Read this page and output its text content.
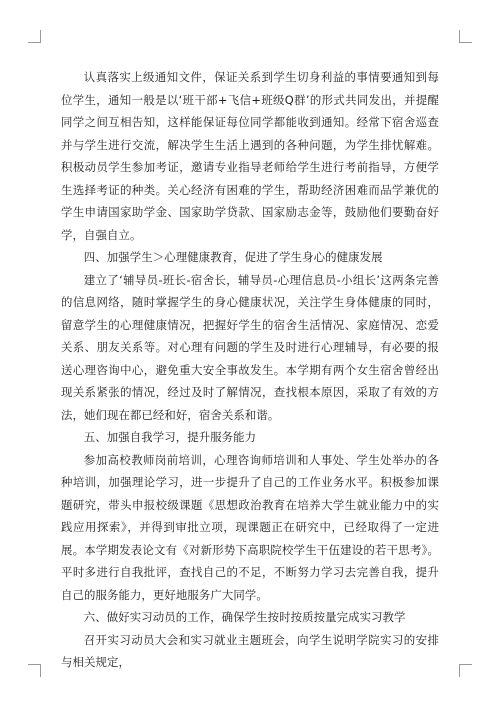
认真落实上级通知文件，保证关系到学生切身利益的事情要通知到每位学生，通知一般是以‘班干部+飞信+班级Q群’的形式共同发出，并提醒同学之间互相告知，这样能保证每位同学都能收到通知。经常下宿舍巡查并与学生进行交流，解决学生生活上遇到的各种问题，为学生排忧解难。积极动员学生参加考证，邀请专业指导老师给学生进行考前指导，方便学生选择考证的种类。关心经济有困难的学生，帮助经济困难而品学兼优的学生申请国家助学金、国家助学贷款、国家励志金等，鼓励他们要勤奋好学，自强自立。

四、加强学生＞心理健康教育，促进了学生身心的健康发展

建立了‘辅导员-班长-宿舍长，辅导员-心理信息员-小组长’这两条完善的信息网络，随时掌握学生的身心健康状况，关注学生身体健康的同时，留意学生的心理健康情况，把握好学生的宿舍生活情况、家庭情况、恋爱关系、朋友关系等。对心理有问题的学生及时进行心理辅导，有必要的报送心理咨询中心，避免重大安全事故发生。本学期有两个女生宿舍曾经出现关系紧张的情况，经过及时了解情况，查找根本原因，采取了有效的方法，她们现在都已经和好，宿舍关系和谐。

五、加强自我学习，提升服务能力

参加高校教师岗前培训，心理咨询师培训和人事处、学生处举办的各种培训，加强理论学习，进一步提升了自己的工作业务水平。积极参加课题研究，带头申报校级课题《思想政治教育在培养大学生就业能力中的实践应用探索》，并得到审批立项，现课题正在研究中，已经取得了一定进展。本学期发表论文有《对新形势下高职院校学生干伍建设的若干思考》。平时多进行自我批评，查找自己的不足，不断努力学习去完善自我，提升自己的服务能力，更好地服务广大同学。

六、做好实习动员的工作，确保学生按时按质按量完成实习教学

召开实习动员大会和实习就业主题班会，向学生说明学院实习的安排与相关规定，
